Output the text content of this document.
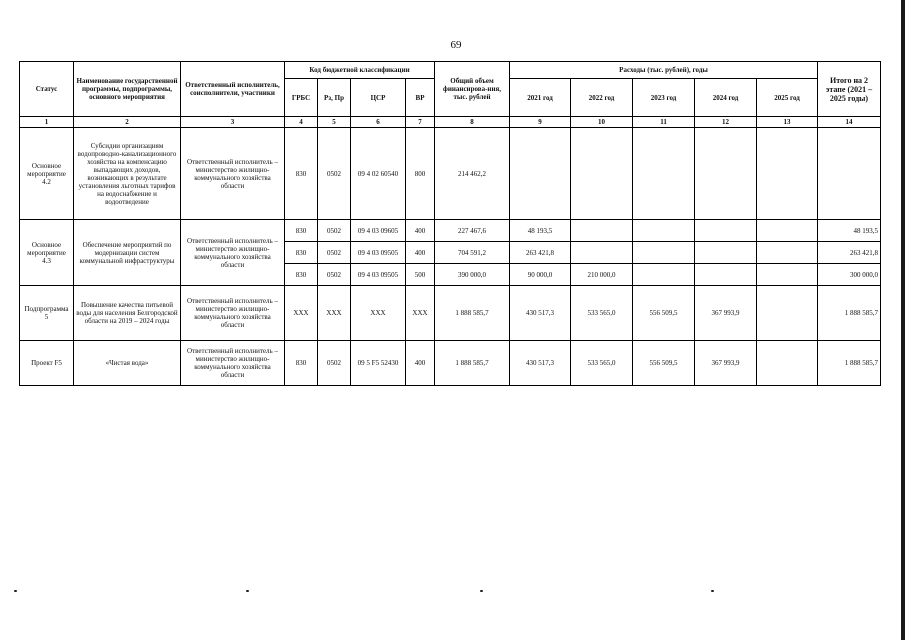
69
Статус	Наименование государственной программы, подпрограммы, основного мероприятия	Ответственный исполнитель, соисполнители, участники	Код бюджетной классификации				Общий объем финансирова-ния, тыс. рублей	Расходы (тыс. рублей), годы					Итого на 2 этапе (2021 – 2025 годы)
			ГРБС	Рз, Пр	ЦСР	ВР		2021 год	2022 год	2023 год	2024 год	2025 год	
1	2	3	4	5	6	7	8	9	10	11	12	13	14
Основное мероприятие 4.2	Субсидии организациям водопроводно-канализационного хозяйства на компенсацию выпадающих доходов, возникающих в результате установления льготных тарифов на водоснабжение и водоотведение	Ответственный исполнитель – министерство жилищно-коммунального хозяйства области	830	0502	09 4 02 60540	800	214 462,2						
Основное мероприятие 4.3	Обеспечение мероприятий по модернизации систем коммунальной инфраструктуры	Ответственный исполнитель – министерство жилищно-коммунального хозяйства области	830	0502	09 4 03 09605	400	227 467,6	48 193,5					48 193,5
			830	0502	09 4 03 09505	400	704 591,2	263 421,8					263 421,8
			830	0502	09 4 03 09505	500	390 000,0	90 000,0	210 000,0				300 000,0
Подпрограмма 5	Повышение качества питьевой воды для населения Белгородской области на 2019 – 2024 годы	Ответственный исполнитель – министерство жилищно-коммунального хозяйства области	XXX	XXX	XXX	XXX	1 888 585,7	430 517,3	533 565,0	556 509,5	367 993,9		1 888 585,7
Проект F5	«Чистая вода»	Ответственный исполнитель – министерство жилищно-коммунального хозяйства области	830	0502	09 5 F5 52430	400	1 888 585,7	430 517,3	533 565,0	556 509,5	367 993,9		1 888 585,7
